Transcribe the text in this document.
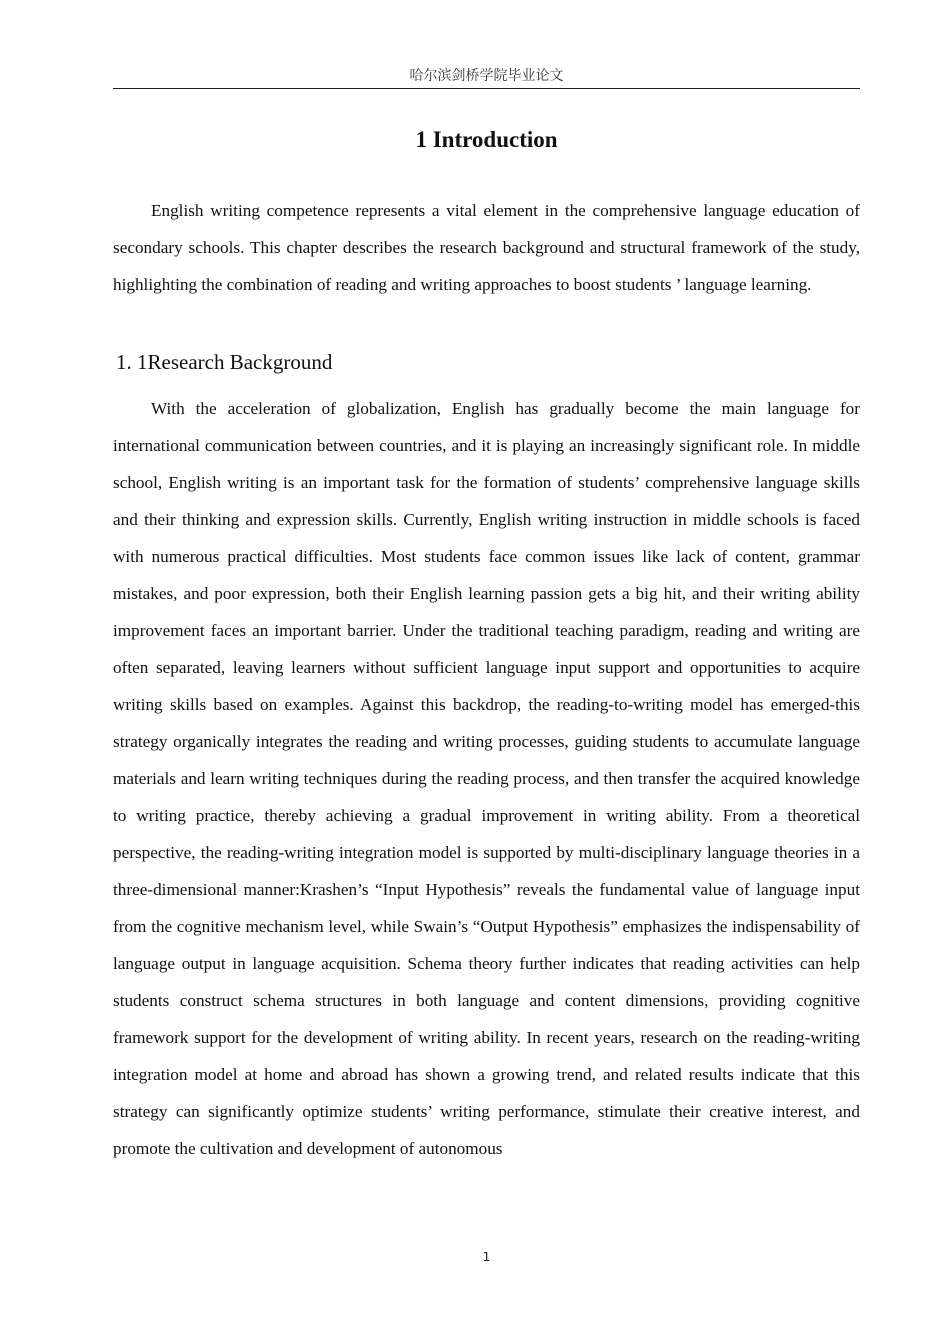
哈尔滨剑桥学院毕业论文
1 Introduction

English writing competence represents a vital element in the comprehensive language education of secondary schools. This chapter describes the research background and structural framework of the study, highlighting the combination of reading and writing approaches to boost students ’ language learning.

1. 1Research Background

With the acceleration of globalization, English has gradually become the main language for international communication between countries, and it is playing an increasingly significant role. In middle school, English writing is an important task for the formation of students’ comprehensive language skills and their thinking and expression skills. Currently, English writing instruction in middle schools is faced with numerous practical difficulties. Most students face common issues like lack of content, grammar mistakes, and poor expression, both their English learning passion gets a big hit, and their writing ability improvement faces an important barrier. Under the traditional teaching paradigm, reading and writing are often separated, leaving learners without sufficient language input support and opportunities to acquire writing skills based on examples. Against this backdrop, the reading-to-writing model has emerged-this strategy organically integrates the reading and writing processes, guiding students to accumulate language materials and learn writing techniques during the reading process, and then transfer the acquired knowledge to writing practice, thereby achieving a gradual improvement in writing ability. From a theoretical perspective, the reading-writing integration model is supported by multi-disciplinary language theories in a three-dimensional manner:Krashen’s “Input Hypothesis” reveals the fundamental value of language input from the cognitive mechanism level, while Swain’s “Output Hypothesis” emphasizes the indispensability of language output in language acquisition. Schema theory further indicates that reading activities can help students construct schema structures in both language and content dimensions, providing cognitive framework support for the development of writing ability. In recent years, research on the reading-writing integration model at home and abroad has shown a growing trend, and related results indicate that this strategy can significantly optimize students’ writing performance, stimulate their creative interest, and promote the cultivation and development of autonomous

1
